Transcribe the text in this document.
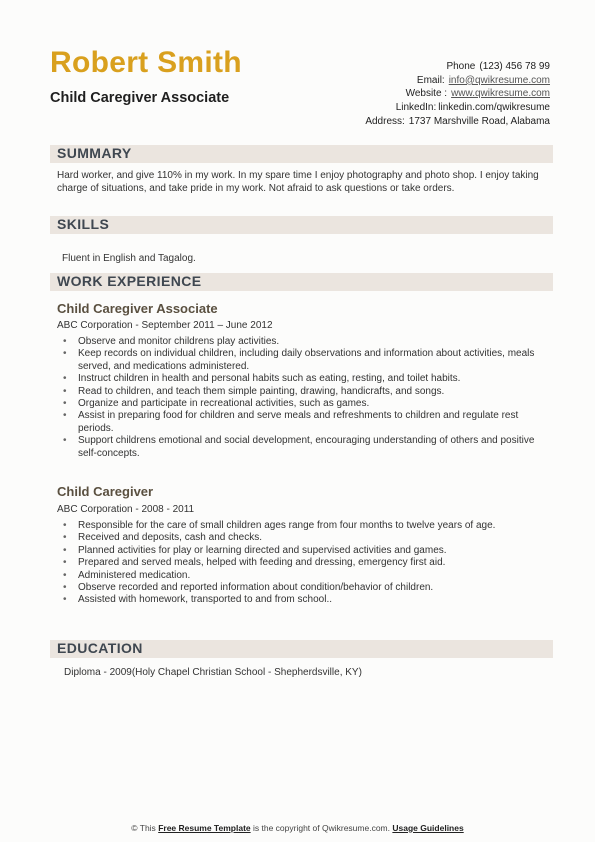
Robert Smith
Child Caregiver Associate
Phone (123) 456 78 99
Email: info@qwikresume.com
Website : www.qwikresume.com
LinkedIn: linkedin.com/qwikresume
Address: 1737 Marshville Road, Alabama
SUMMARY
Hard worker, and give 110% in my work. In my spare time I enjoy photography and photo shop. I enjoy taking charge of situations, and take pride in my work. Not afraid to ask questions or take orders.
SKILLS
Fluent in English and Tagalog.
WORK EXPERIENCE
Child Caregiver Associate
ABC Corporation - September 2011 – June 2012
• Observe and monitor childrens play activities.
• Keep records on individual children, including daily observations and information about activities, meals served, and medications administered.
• Instruct children in health and personal habits such as eating, resting, and toilet habits.
• Read to children, and teach them simple painting, drawing, handicrafts, and songs.
• Organize and participate in recreational activities, such as games.
• Assist in preparing food for children and serve meals and refreshments to children and regulate rest periods.
• Support childrens emotional and social development, encouraging understanding of others and positive self-concepts.
Child Caregiver
ABC Corporation - 2008 - 2011
• Responsible for the care of small children ages range from four months to twelve years of age.
• Received and deposits, cash and checks.
• Planned activities for play or learning directed and supervised activities and games.
• Prepared and served meals, helped with feeding and dressing, emergency first aid.
• Administered medication.
• Observe recorded and reported information about condition/behavior of children.
• Assisted with homework, transported to and from school..
EDUCATION
Diploma - 2009(Holy Chapel Christian School - Shepherdsville, KY)
© This Free Resume Template is the copyright of Qwikresume.com. Usage Guidelines
